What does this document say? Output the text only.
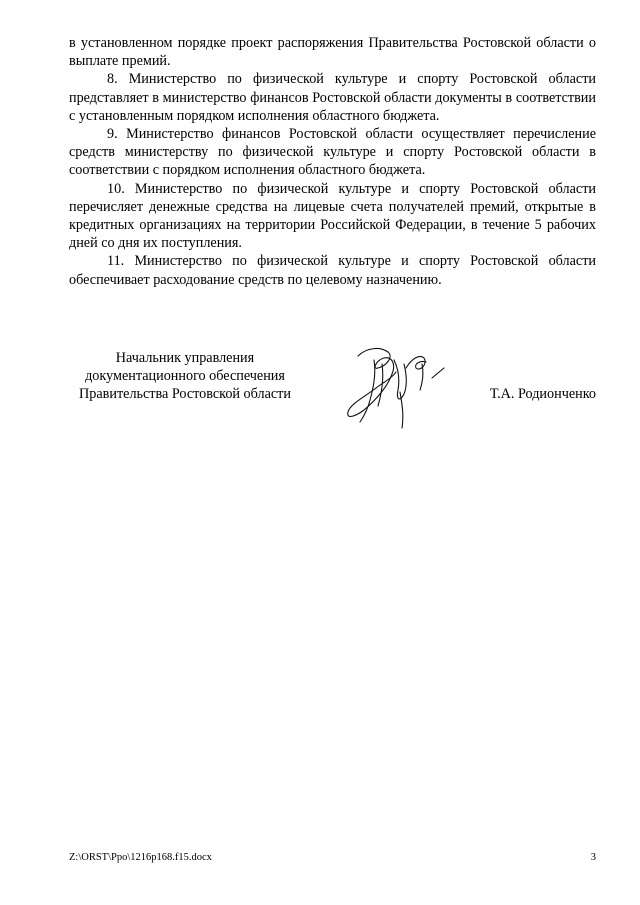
в установленном порядке проект распоряжения Правительства Ростовской области о выплате премий.

8. Министерство по физической культуре и спорту Ростовской области представляет в министерство финансов Ростовской области документы в соответствии с установленным порядком исполнения областного бюджета.

9. Министерство финансов Ростовской области осуществляет перечисление средств министерству по физической культуре и спорту Ростовской области в соответствии с порядком исполнения областного бюджета.

10. Министерство по физической культуре и спорту Ростовской области перечисляет денежные средства на лицевые счета получателей премий, открытые в кредитных организациях на территории Российской Федерации, в течение 5 рабочих дней со дня их поступления.

11. Министерство по физической культуре и спорту Ростовской области обеспечивает расходование средств по целевому назначению.

Начальник управления
документационного обеспечения
Правительства Ростовской области	Т.А. Родионченко
Z:\ORST\Ppo\1216p168.f15.docx	3
